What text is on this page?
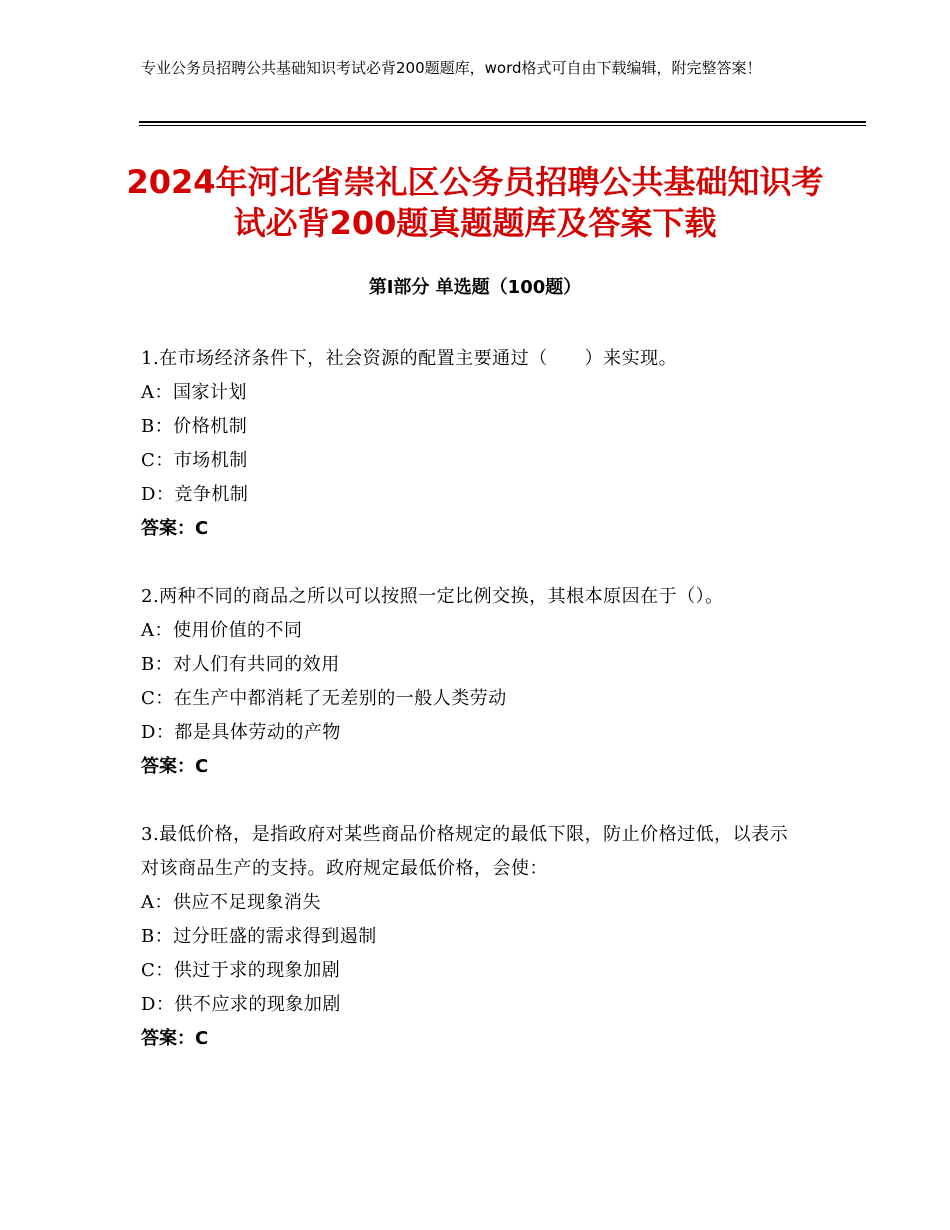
专业公务员招聘公共基础知识考试必背200题题库，word格式可自由下载编辑，附完整答案！
2024年河北省崇礼区公务员招聘公共基础知识考试必背200题真题题库及答案下载
第Ⅰ部分 单选题（100题）
1.在市场经济条件下，社会资源的配置主要通过（　　）来实现。
A：国家计划
B：价格机制
C：市场机制
D：竞争机制
答案：C
2.两种不同的商品之所以可以按照一定比例交换，其根本原因在于（）。
A：使用价值的不同
B：对人们有共同的效用
C：在生产中都消耗了无差别的一般人类劳动
D：都是具体劳动的产物
答案：C
3.最低价格，是指政府对某些商品价格规定的最低下限，防止价格过低，以表示对该商品生产的支持。政府规定最低价格，会使：
A：供应不足现象消失
B：过分旺盛的需求得到遏制
C：供过于求的现象加剧
D：供不应求的现象加剧
答案：C
